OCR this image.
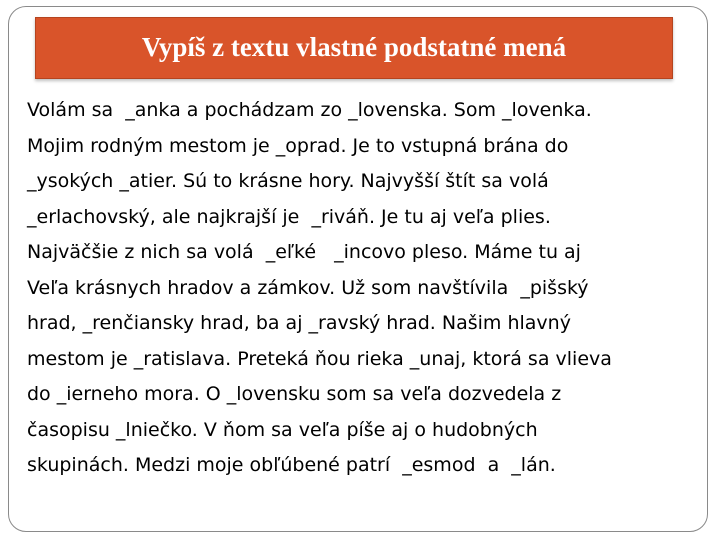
Vypíš z textu vlastné podstatné mená
Volám sa  _anka a pochádzam zo _lovenska. Som _lovenka.
Mojim rodným mestom je _oprad. Je to vstupná brána do
_ysokých _atier. Sú to krásne hory. Najvyšší štít sa volá
_erlachovský, ale najkrajší je  _riváň. Je tu aj veľa plies.
Najväčšie z nich sa volá  _eľké   _incovo pleso. Máme tu aj
Veľa krásnych hradov a zámkov. Už som navštívila  _pišský
hrad, _renčiansky hrad, ba aj _ravský hrad. Našim hlavný
mestom je _ratislava. Preteká ňou rieka _unaj, ktorá sa vlieva
do _ierneho mora. O _lovensku som sa veľa dozvedela z
časopisu _lniečko. V ňom sa veľa píše aj o hudobných
skupinách. Medzi moje obľúbené patrí  _esmod  a  _lán.
